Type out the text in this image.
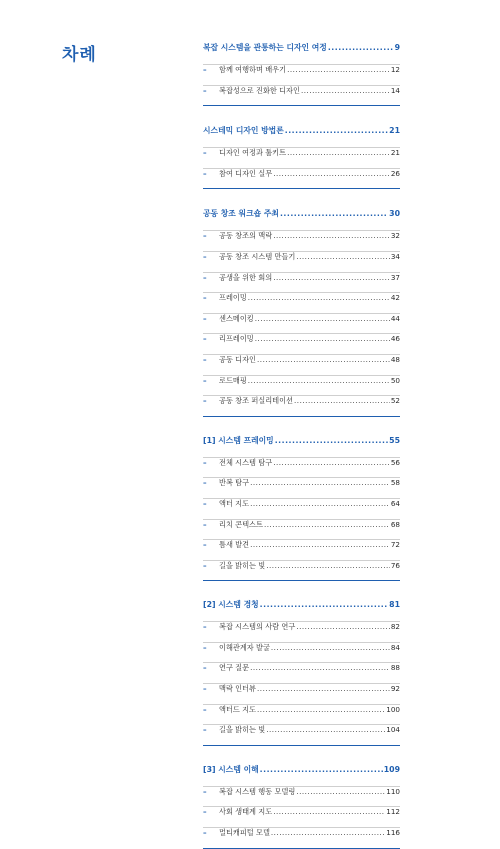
차례	복잡 시스템을 관통하는 디자인 여정 .....	9
–	함께 여행하며 배우기 .....	12
–	복잡성으로 진화한 디자인 .....	14
시스테믹 디자인 방법론 .....	21
–	디자인 여정과 툴키트 .....	21
–	참여 디자인 실무 .....	26
공동 창조 워크숍 주최 .....	30
–	공동 창조의 맥락 .....	32
–	공동 창조 시스템 만들기 .....	34
–	공생을 위한 회의 .....	37
–	프레이밍 .....	42
–	센스메이킹 .....	44
–	리프레이밍 .....	46
–	공동 디자인 .....	48
–	로드매핑 .....	50
–	공동 창조 퍼실리테이션 .....	52
[1] 시스템 프레이밍 .....	55
–	전체 시스템 탐구 .....	56
–	반복 탐구 .....	58
–	액터 지도 .....	64
–	리치 콘텍스트 .....	68
–	틈새 발견 .....	72
–	길을 밝히는 빛 .....	76
[2] 시스템 경청 .....	81
–	복잡 시스템의 사람 연구 .....	82
–	이해관계자 발굴 .....	84
–	연구 질문 .....	88
–	맥락 인터뷰 .....	92
–	액터드 지도 .....	100
–	길을 밝히는 빛 .....	104
[3] 시스템 이해 .....	109
–	복잡 시스템 행동 모델링 .....	110
–	사회 생태계 지도 .....	112
–	멀티캐피털 모델 .....	116
